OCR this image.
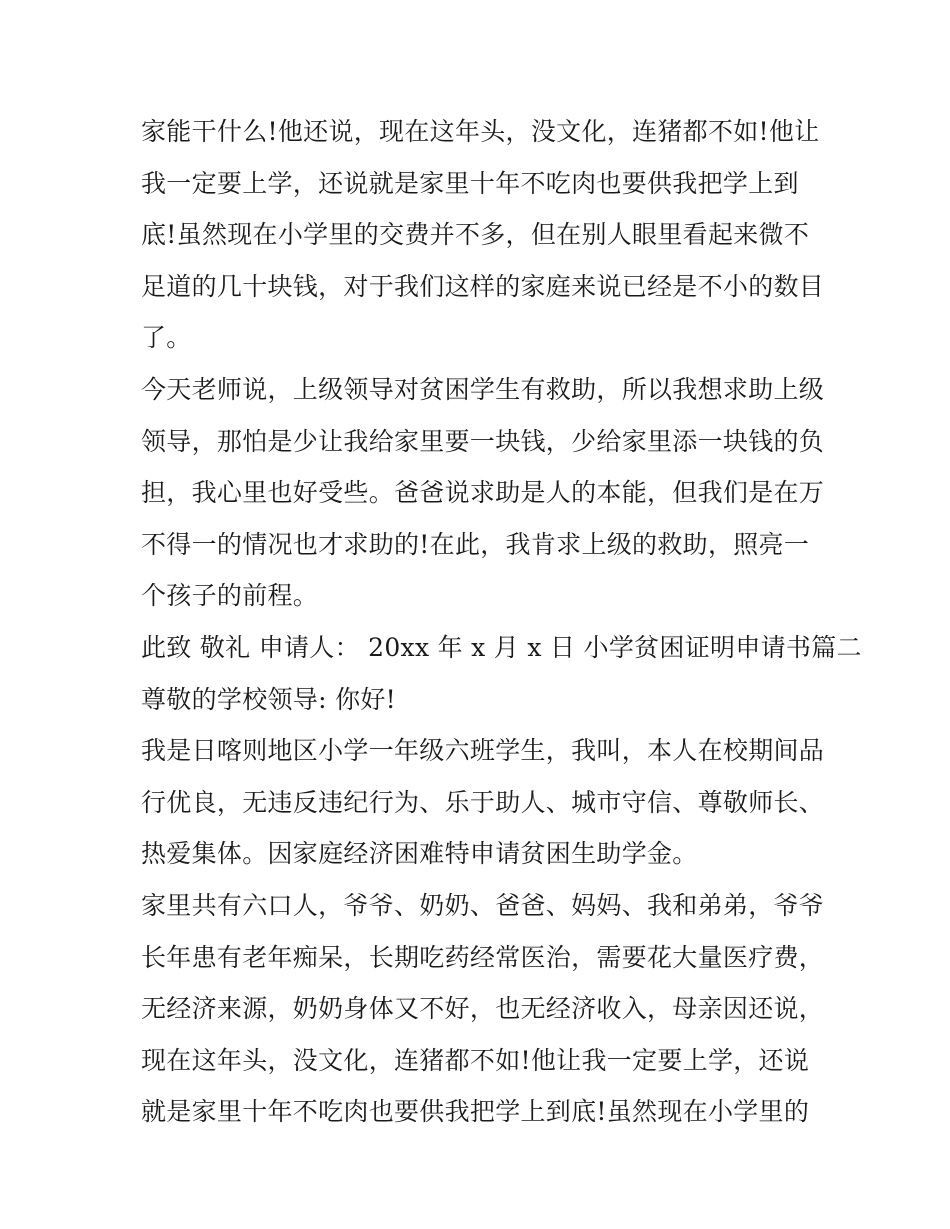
家能干什么!他还说，现在这年头，没文化，连猪都不如!他让
我一定要上学，还说就是家里十年不吃肉也要供我把学上到
底!虽然现在小学里的交费并不多，但在别人眼里看起来微不
足道的几十块钱，对于我们这样的家庭来说已经是不小的数目
了。
今天老师说，上级领导对贫困学生有救助，所以我想求助上级
领导，那怕是少让我给家里要一块钱，少给家里添一块钱的负
担，我心里也好受些。爸爸说求助是人的本能，但我们是在万
不得一的情况也才求助的!在此，我肯求上级的救助，照亮一
个孩子的前程。
此致 敬礼 申请人： 20xx 年 x 月 x 日 小学贫困证明申请书篇二
尊敬的学校领导: 你好!
我是日喀则地区小学一年级六班学生，我叫，本人在校期间品
行优良，无违反违纪行为、乐于助人、城市守信、尊敬师长、
热爱集体。因家庭经济困难特申请贫困生助学金。
家里共有六口人，爷爷、奶奶、爸爸、妈妈、我和弟弟，爷爷
长年患有老年痴呆，长期吃药经常医治，需要花大量医疗费，
无经济来源，奶奶身体又不好，也无经济收入，母亲因还说，
现在这年头，没文化，连猪都不如!他让我一定要上学，还说
就是家里十年不吃肉也要供我把学上到底!虽然现在小学里的
